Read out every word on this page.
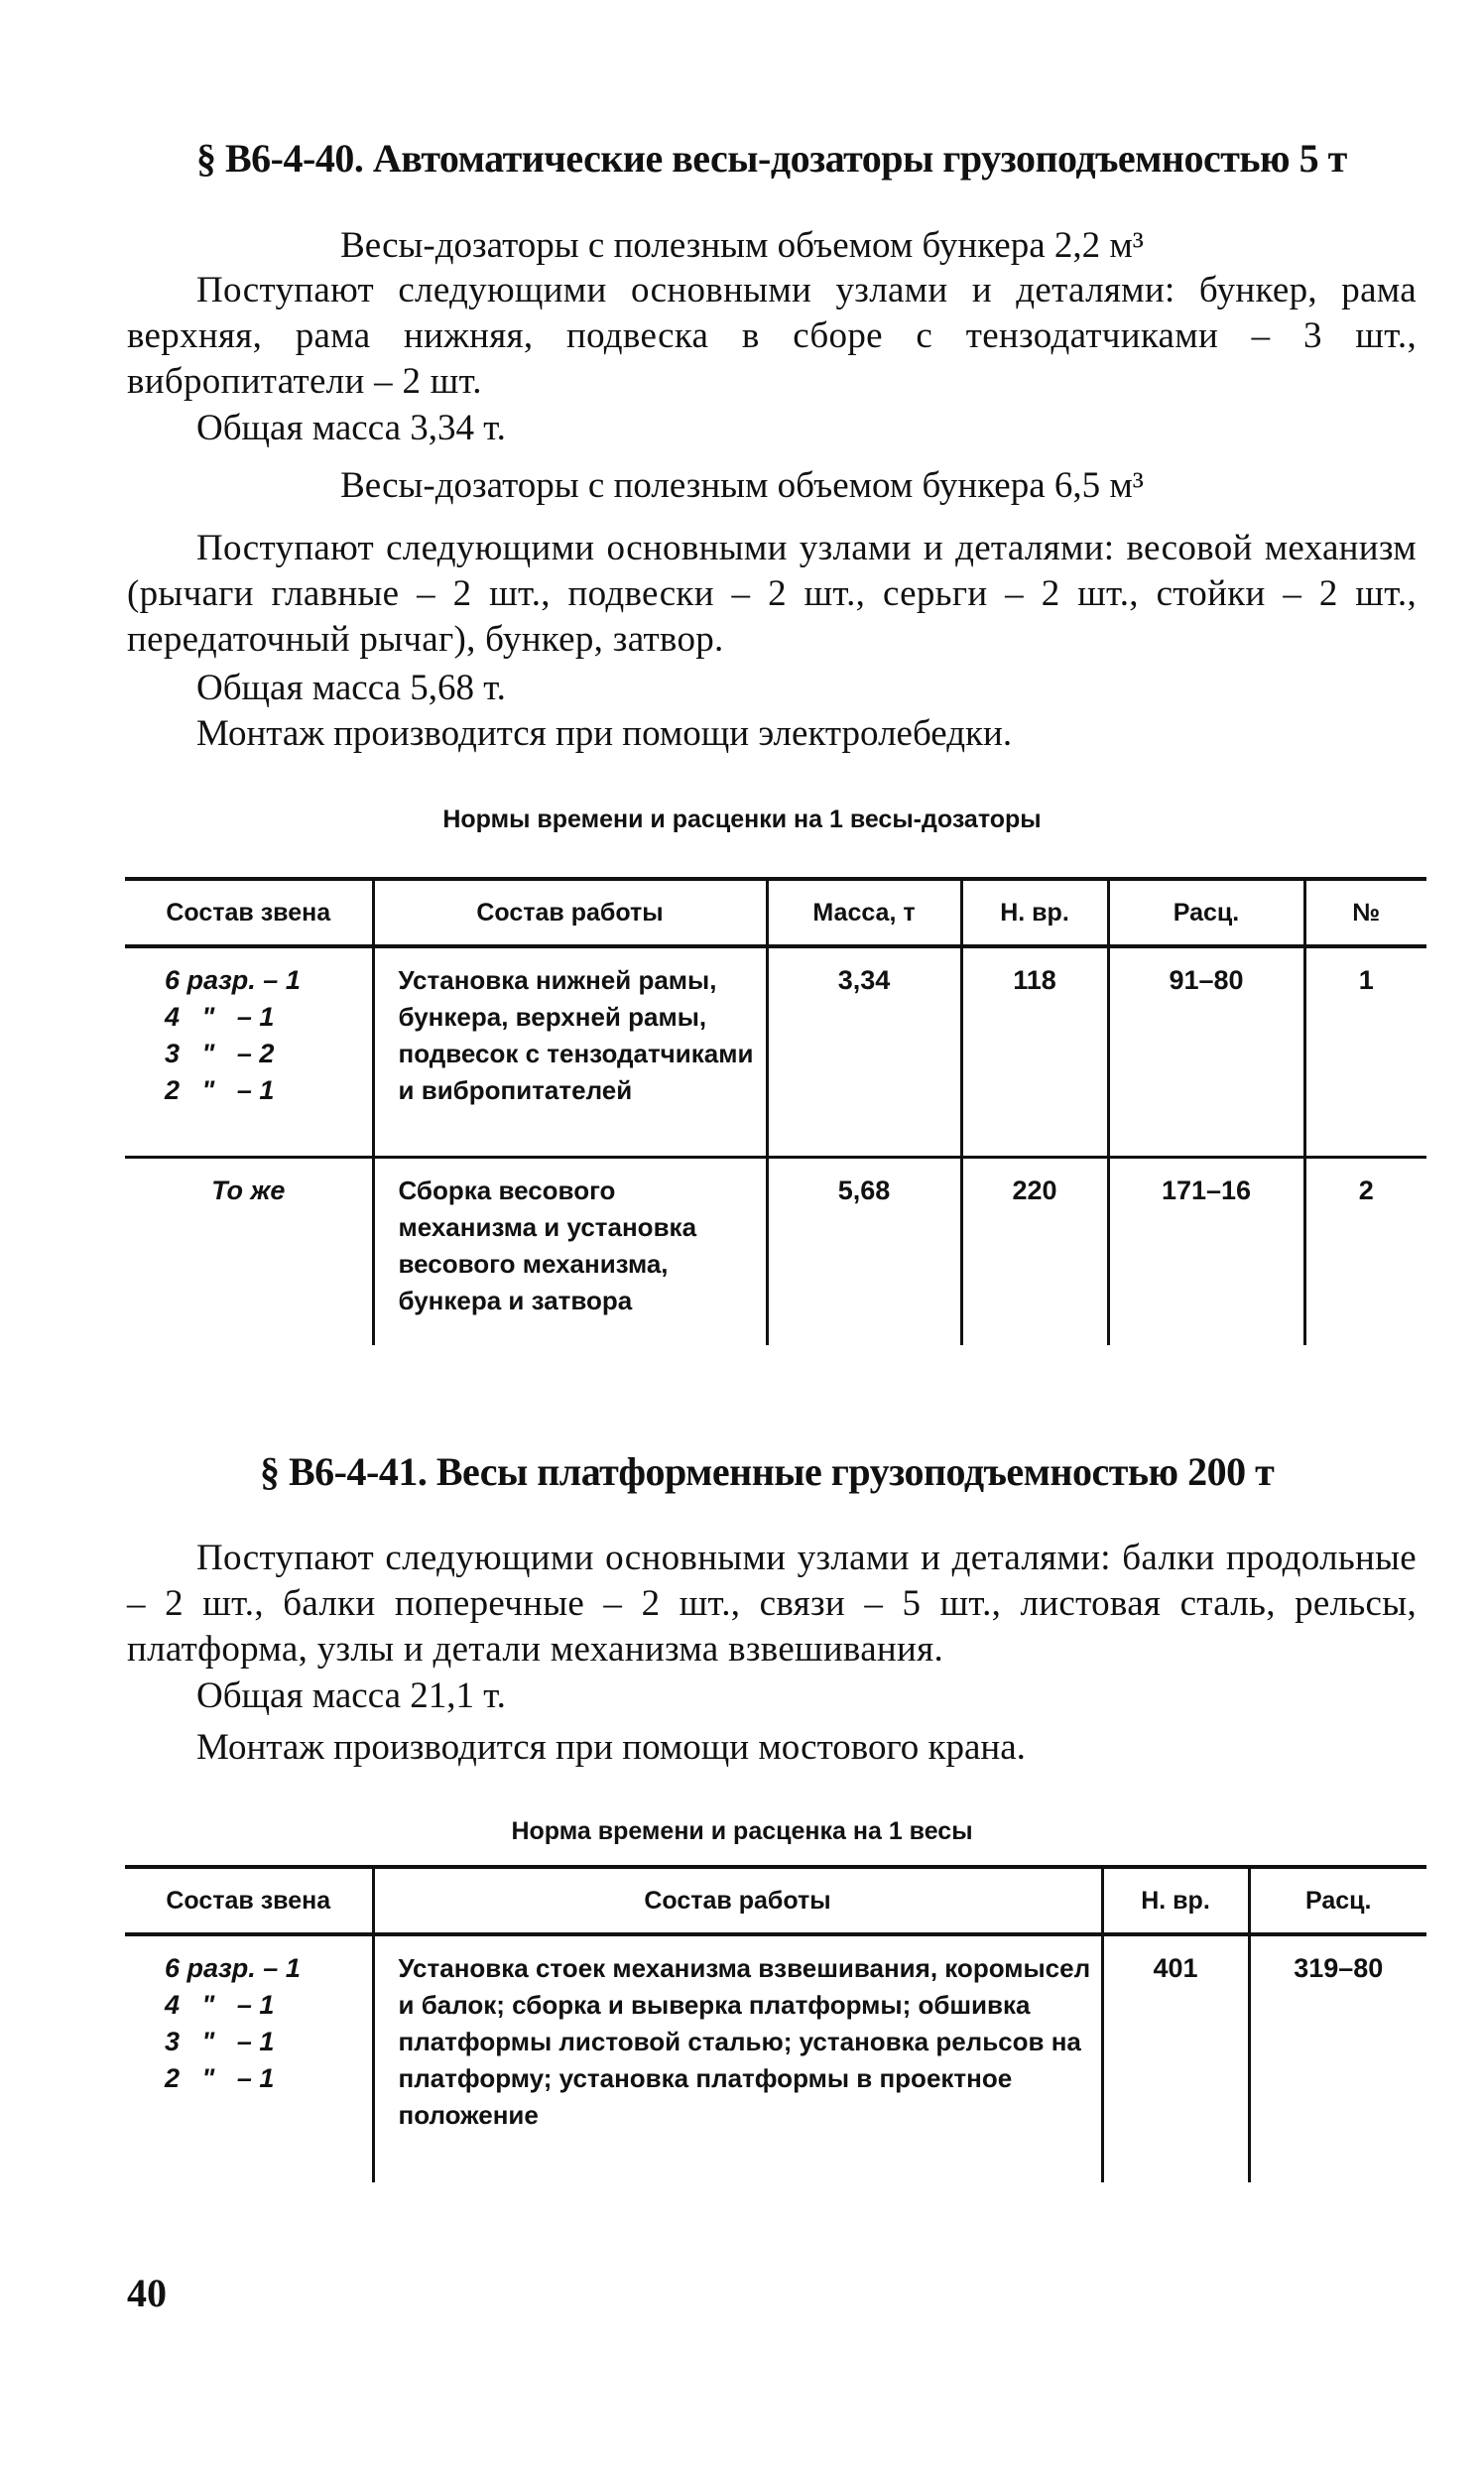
§ В6-4-40. Автоматические весы-дозаторы грузоподъемностью 5 т
Весы-дозаторы с полезным объемом бункера 2,2 м³
Поступают следующими основными узлами и деталями: бункер, рама верхняя, рама нижняя, подвеска в сборе с тензодатчиками – 3 шт., вибропитатели – 2 шт.
Общая масса 3,34 т.
Весы-дозаторы с полезным объемом бункера 6,5 м³
Поступают следующими основными узлами и деталями: весовой механизм (рычаги главные – 2 шт., подвески – 2 шт., серьги – 2 шт., стойки – 2 шт., передаточный рычаг), бункер, затвор.
Общая масса 5,68 т.
Монтаж производится при помощи электролебедки.
Нормы времени и расценки на 1 весы-дозаторы
Состав звена	Состав работы	Масса, т	Н. вр.	Расц.	№

6 разр. – 1
4   "   – 1
3   "   – 2
2   "   – 1	Установка нижней рамы, бункера, верхней рамы, подвесок с тензодатчиками и вибропитателей	3,34	118	91–80	1

То же	Сборка весового механизма и установка весового механизма, бункера и затвора	5,68	220	171–16	2
§ В6-4-41. Весы платформенные грузоподъемностью 200 т
Поступают следующими основными узлами и деталями: балки продольные – 2 шт., балки поперечные – 2 шт., связи – 5 шт., листовая сталь, рельсы, платформа, узлы и детали механизма взвешивания.
Общая масса 21,1 т.
Монтаж производится при помощи мостового крана.
Норма времени и расценка на 1 весы
Состав звена	Состав работы	Н. вр.	Расц.

6 разр. – 1
4   "   – 1
3   "   – 1
2   "   – 1	Установка стоек механизма взвешивания, коромысел и балок; сборка и выверка платформы; обшивка платформы листовой сталью; установка рельсов на платформу; установка платформы в проектное положение	401	319–80
40
